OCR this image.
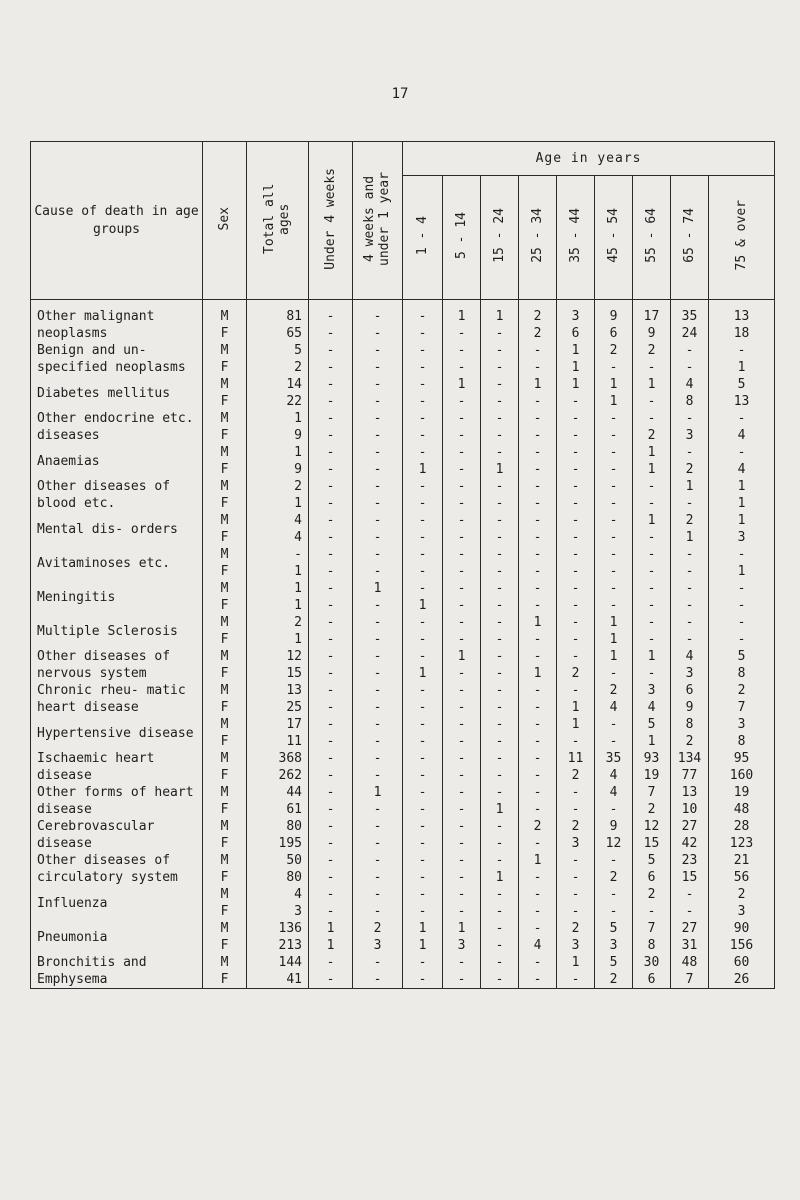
17
Cause of death in age groups	Sex	Total all ages	Under 4 weeks	4 weeks and under 1 year	Age in years								
					1 - 4	5 - 14	15 - 24	25 - 34	35 - 44	45 - 54	55 - 64	65 - 74	75 & over
Other malignant neoplasms	M	81	-	-	-	1	1	2	3	9	17	35	13
	F	65	-	-	-	-	-	2	6	6	9	24	18
Benign and un- specified neoplasms	M	5	-	-	-	-	-	-	1	2	2	-	-
	F	2	-	-	-	-	-	-	1	-	-	-	1
Diabetes mellitus	M	14	-	-	-	1	-	1	1	1	1	4	5
	F	22	-	-	-	-	-	-	-	1	-	8	13
Other endocrine etc. diseases	M	1	-	-	-	-	-	-	-	-	-	-	-
	F	9	-	-	-	-	-	-	-	-	2	3	4
Anaemias	M	1	-	-	-	-	-	-	-	-	1	-	-
	F	9	-	-	1	-	1	-	-	-	1	2	4
Other diseases of blood etc.	M	2	-	-	-	-	-	-	-	-	-	1	1
	F	1	-	-	-	-	-	-	-	-	-	-	1
Mental dis- orders	M	4	-	-	-	-	-	-	-	-	1	2	1
	F	4	-	-	-	-	-	-	-	-	-	1	3
Avitaminoses etc.	M	-	-	-	-	-	-	-	-	-	-	-	-
	F	1	-	-	-	-	-	-	-	-	-	-	1
Meningitis	M	1	-	1	-	-	-	-	-	-	-	-	-
	F	1	-	-	1	-	-	-	-	-	-	-	-
Multiple Sclerosis	M	2	-	-	-	-	-	1	-	1	-	-	-
	F	1	-	-	-	-	-	-	-	1	-	-	-
Other diseases of nervous system	M	12	-	-	-	1	-	-	-	1	1	4	5
	F	15	-	-	1	-	-	1	2	-	-	3	8
Chronic rheu- matic heart disease	M	13	-	-	-	-	-	-	-	2	3	6	2
	F	25	-	-	-	-	-	-	1	4	4	9	7
Hypertensive disease	M	17	-	-	-	-	-	-	1	-	5	8	3
	F	11	-	-	-	-	-	-	-	-	1	2	8
Ischaemic heart disease	M	368	-	-	-	-	-	-	11	35	93	134	95
	F	262	-	-	-	-	-	-	2	4	19	77	160
Other forms of heart disease	M	44	-	1	-	-	-	-	-	4	7	13	19
	F	61	-	-	-	-	1	-	-	-	2	10	48
Cerebrovascular disease	M	80	-	-	-	-	-	2	2	9	12	27	28
	F	195	-	-	-	-	-	-	3	12	15	42	123
Other diseases of circulatory system	M	50	-	-	-	-	-	1	-	-	5	23	21
	F	80	-	-	-	-	1	-	-	2	6	15	56
Influenza	M	4	-	-	-	-	-	-	-	-	2	-	2
	F	3	-	-	-	-	-	-	-	-	-	-	3
Pneumonia	M	136	1	2	1	1	-	-	2	5	7	27	90
	F	213	1	3	1	3	-	4	3	3	8	31	156
Bronchitis and Emphysema	M	144	-	-	-	-	-	-	1	5	30	48	60
	F	41	-	-	-	-	-	-	-	2	6	7	26
